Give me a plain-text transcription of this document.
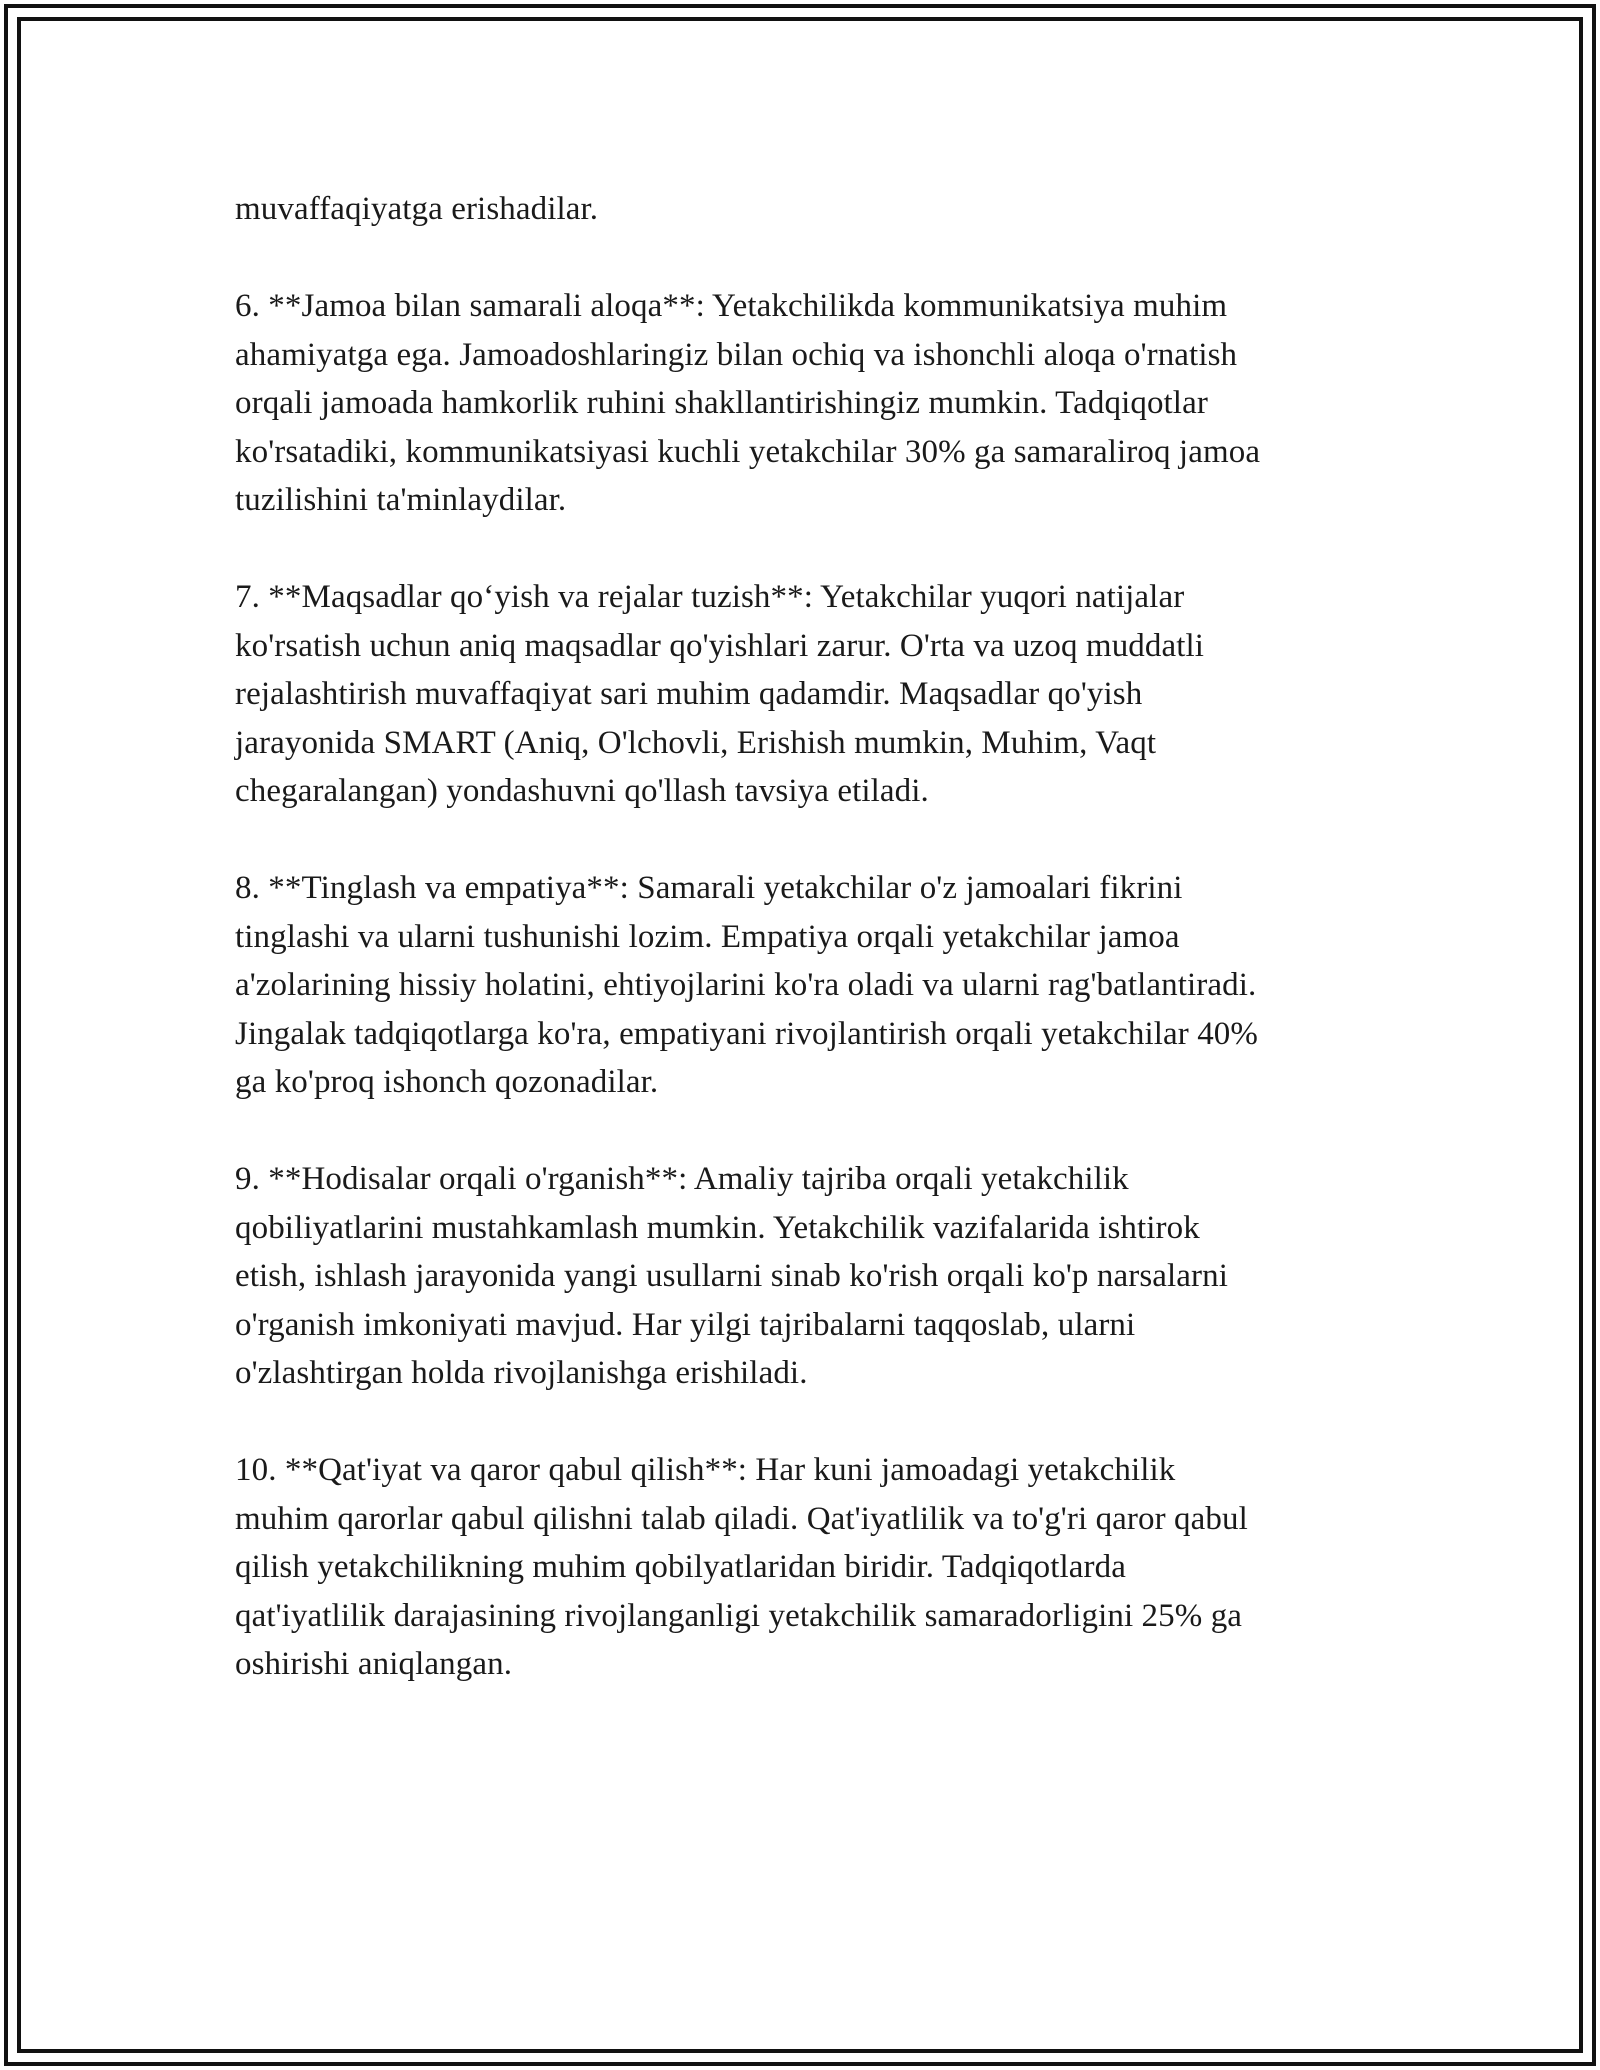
muvaffaqiyatga erishadilar.

6. **Jamoa bilan samarali aloqa**: Yetakchilikda kommunikatsiya muhim
ahamiyatga ega. Jamoadoshlaringiz bilan ochiq va ishonchli aloqa o'rnatish
orqali jamoada hamkorlik ruhini shakllantirishingiz mumkin. Tadqiqotlar
ko'rsatadiki, kommunikatsiyasi kuchli yetakchilar 30% ga samaraliroq jamoa
tuzilishini ta'minlaydilar.

7. **Maqsadlar qo‘yish va rejalar tuzish**: Yetakchilar yuqori natijalar
ko'rsatish uchun aniq maqsadlar qo'yishlari zarur. O'rta va uzoq muddatli
rejalashtirish muvaffaqiyat sari muhim qadamdir. Maqsadlar qo'yish
jarayonida SMART (Aniq, O'lchovli, Erishish mumkin, Muhim, Vaqt
chegaralangan) yondashuvni qo'llash tavsiya etiladi.

8. **Tinglash va empatiya**: Samarali yetakchilar o'z jamoalari fikrini
tinglashi va ularni tushunishi lozim. Empatiya orqali yetakchilar jamoa
a'zolarining hissiy holatini, ehtiyojlarini ko'ra oladi va ularni rag'batlantiradi.
Jingalak tadqiqotlarga ko'ra, empatiyani rivojlantirish orqali yetakchilar 40%
ga ko'proq ishonch qozonadilar.

9. **Hodisalar orqali o'rganish**: Amaliy tajriba orqali yetakchilik
qobiliyatlarini mustahkamlash mumkin. Yetakchilik vazifalarida ishtirok
etish, ishlash jarayonida yangi usullarni sinab ko'rish orqali ko'p narsalarni
o'rganish imkoniyati mavjud. Har yilgi tajribalarni taqqoslab, ularni
o'zlashtirgan holda rivojlanishga erishiladi.

10. **Qat'iyat va qaror qabul qilish**: Har kuni jamoadagi yetakchilik
muhim qarorlar qabul qilishni talab qiladi. Qat'iyatlilik va to'g'ri qaror qabul
qilish yetakchilikning muhim qobilyatlaridan biridir. Tadqiqotlarda
qat'iyatlilik darajasining rivojlanganligi yetakchilik samaradorligini 25% ga
oshirishi aniqlangan.
